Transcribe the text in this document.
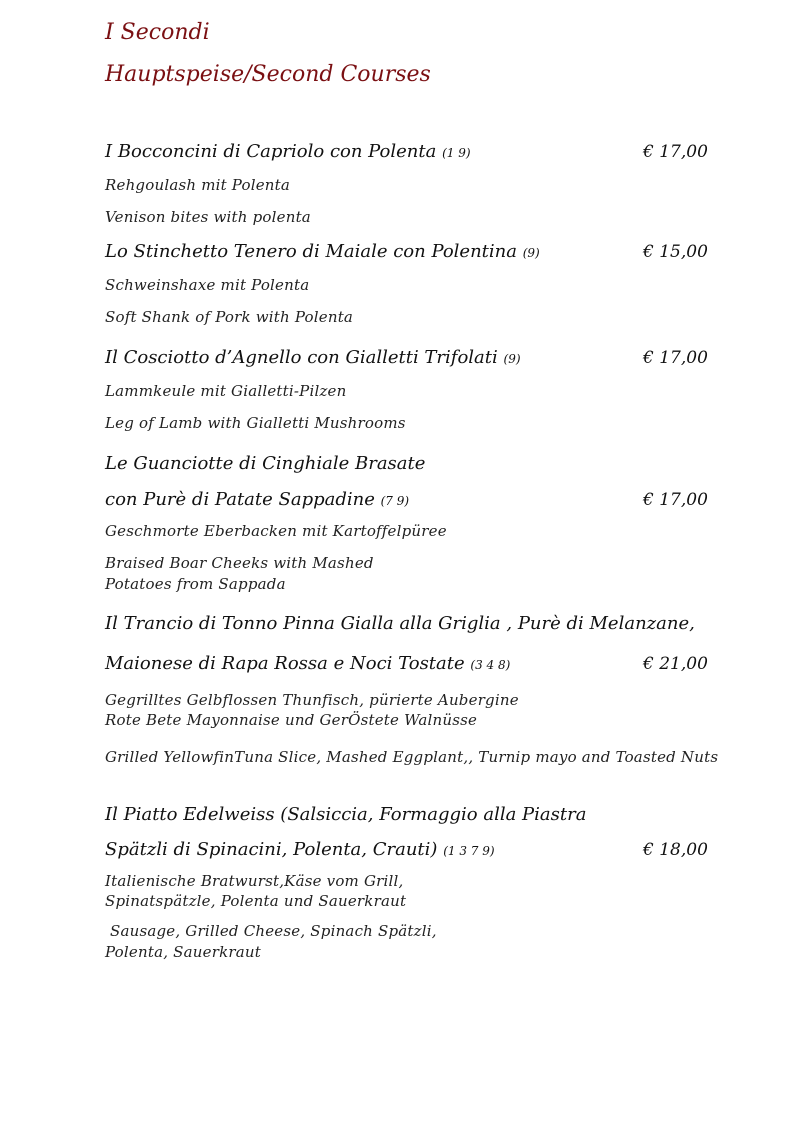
I Secondi
Hauptspeise/Second Courses
I Bocconcini di Capriolo con Polenta (1 9)	€ 17,00
Rehgoulash mit Polenta
Venison bites with polenta
Lo Stinchetto Tenero di Maiale con Polentina (9)	€ 15,00
Schweinshaxe mit Polenta
Soft Shank of Pork with Polenta
Il Cosciotto d’Agnello con Gialletti Trifolati (9)	€ 17,00
Lammkeule mit Gialletti-Pilzen
Leg of Lamb with Gialletti Mushrooms
Le Guanciotte di Cinghiale Brasate
con Purè di Patate Sappadine (7 9)	€ 17,00
Geschmorte Eberbacken mit Kartoffelpüree
Braised Boar Cheeks with Mashed
Potatoes from Sappada
Il Trancio di Tonno Pinna Gialla alla Griglia , Purè di Melanzane,
Maionese di Rapa Rossa e Noci Tostate (3 4 8)	€ 21,00
Gegrilltes Gelbflossen Thunfisch, pürierte Aubergine
Rote Bete Mayonnaise und GerÖstete Walnüsse
Grilled YellowfinTuna Slice, Mashed Eggplant,, Turnip mayo and Toasted Nuts
Il Piatto Edelweiss (Salsiccia, Formaggio alla Piastra
Spätzli di Spinacini, Polenta, Crauti) (1 3 7 9)	€ 18,00
Italienische Bratwurst,Käse vom Grill,
Spinatspätzle, Polenta und Sauerkraut
Sausage, Grilled Cheese, Spinach Spätzli,
Polenta, Sauerkraut
